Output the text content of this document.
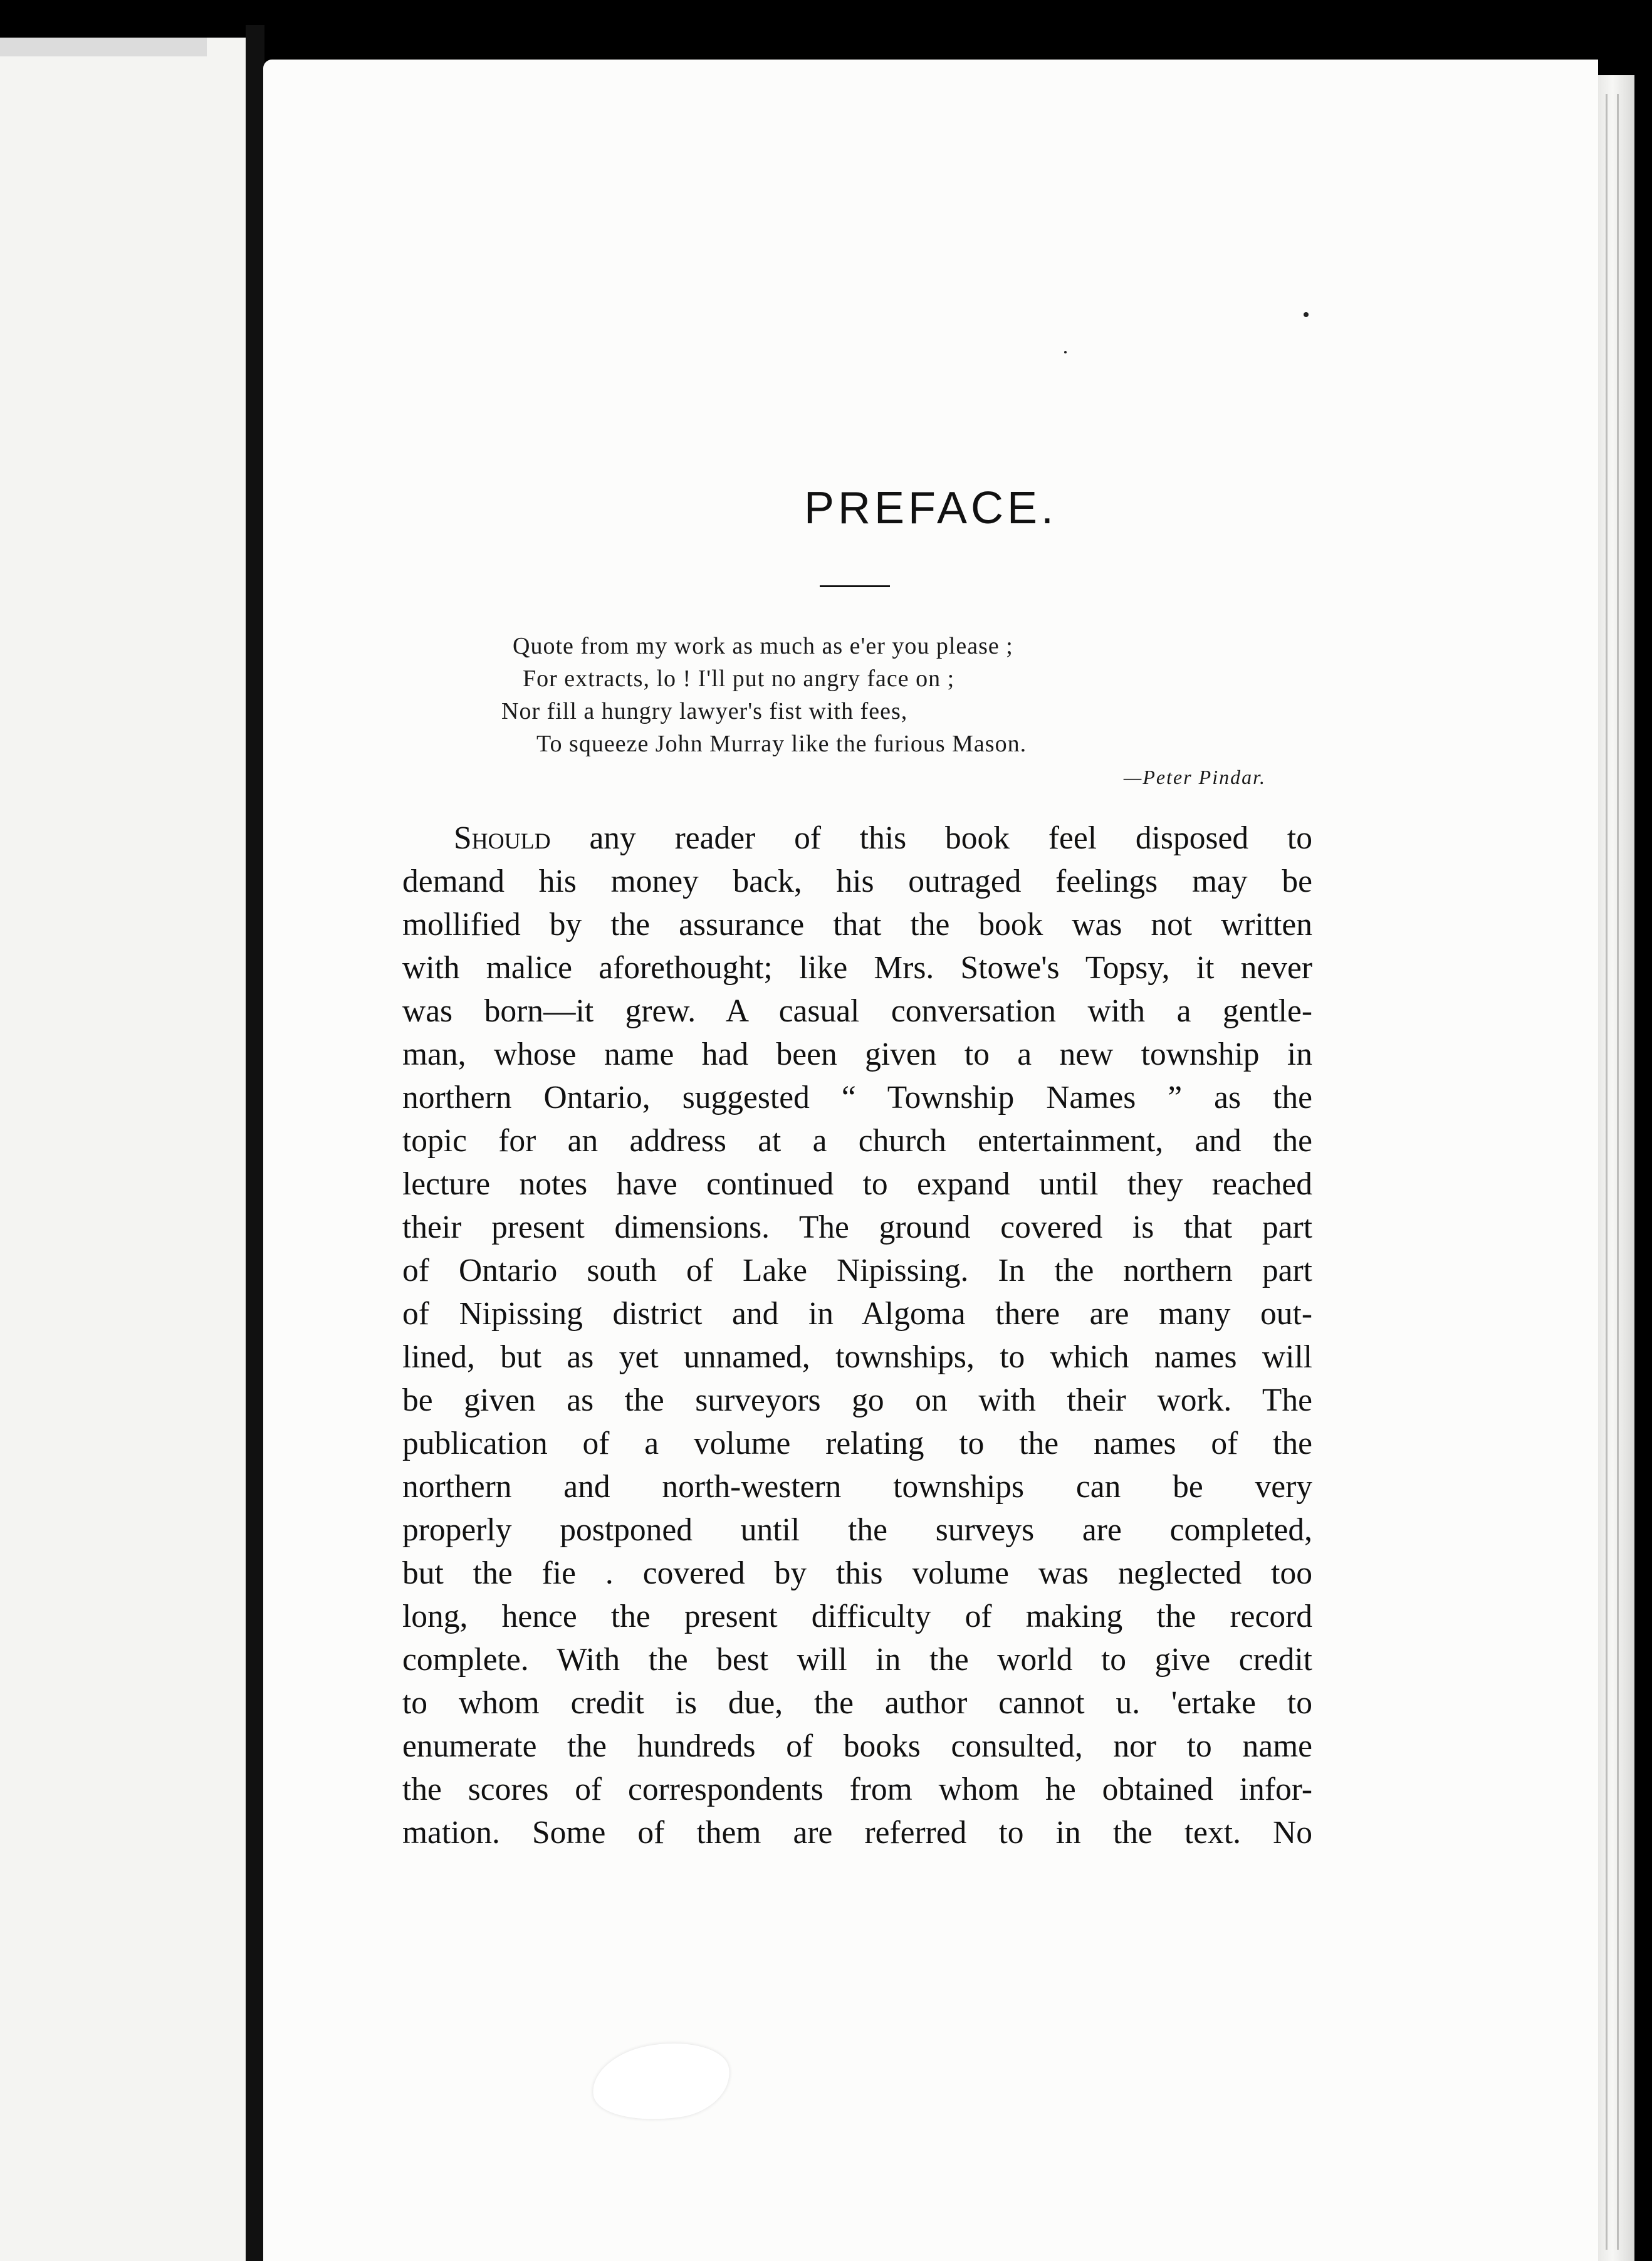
PREFACE.
Quote from my work as much as e'er you please ;
For extracts, lo ! I'll put no angry face on ;
Nor fill a hungry lawyer's fist with fees,
To squeeze John Murray like the furious Mason.
—Peter Pindar.
Should any reader of this book feel disposed to
demand his money back, his outraged feelings may be
mollified by the assurance that the book was not written
with malice aforethought; like Mrs. Stowe's Topsy, it never
was born—it grew. A casual conversation with a gentle-
man, whose name had been given to a new township in
northern Ontario, suggested “ Township Names ” as the
topic for an address at a church entertainment, and the
lecture notes have continued to expand until they reached
their present dimensions. The ground covered is that part
of Ontario south of Lake Nipissing. In the northern part
of Nipissing district and in Algoma there are many out-
lined, but as yet unnamed, townships, to which names will
be given as the surveyors go on with their work. The
publication of a volume relating to the names of the
northern and north-western townships can be very
properly postponed until the surveys are completed,
but the fie . covered by this volume was neglected too
long, hence the present difficulty of making the record
complete. With the best will in the world to give credit
to whom credit is due, the author cannot u. 'ertake to
enumerate the hundreds of books consulted, nor to name
the scores of correspondents from whom he obtained infor-
mation. Some of them are referred to in the text. No
